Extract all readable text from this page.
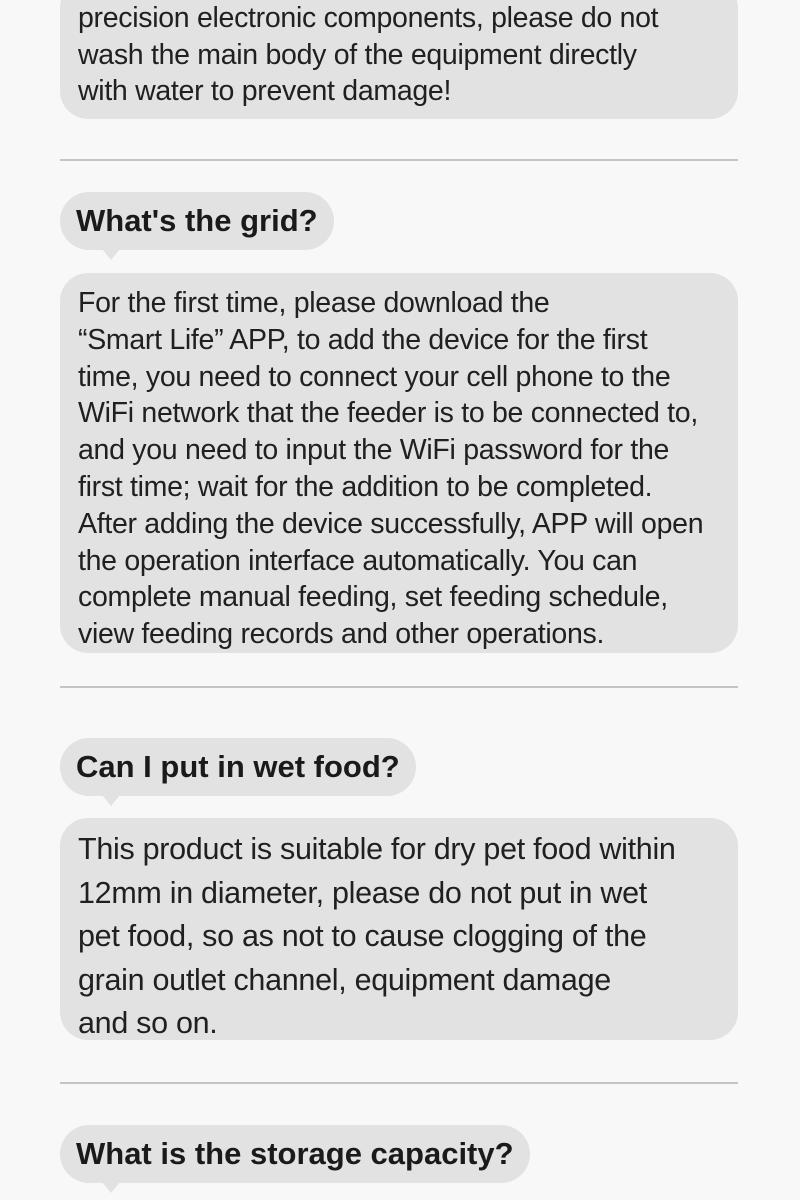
precision electronic components, please do not
wash the main body of the equipment directly
with water to prevent damage!
What's the grid?
For the first time, please download the
“Smart Life” APP, to add the device for the first
time, you need to connect your cell phone to the
WiFi network that the feeder is to be connected to,
and you need to input the WiFi password for the
first time; wait for the addition to be completed.
After adding the device successfully, APP will open
the operation interface automatically. You can
complete manual feeding, set feeding schedule,
view feeding records and other operations.
Can I put in wet food?
This product is suitable for dry pet food within
12mm in diameter, please do not put in wet
pet food, so as not to cause clogging of the
grain outlet channel, equipment damage
and so on.
What is the storage capacity?
